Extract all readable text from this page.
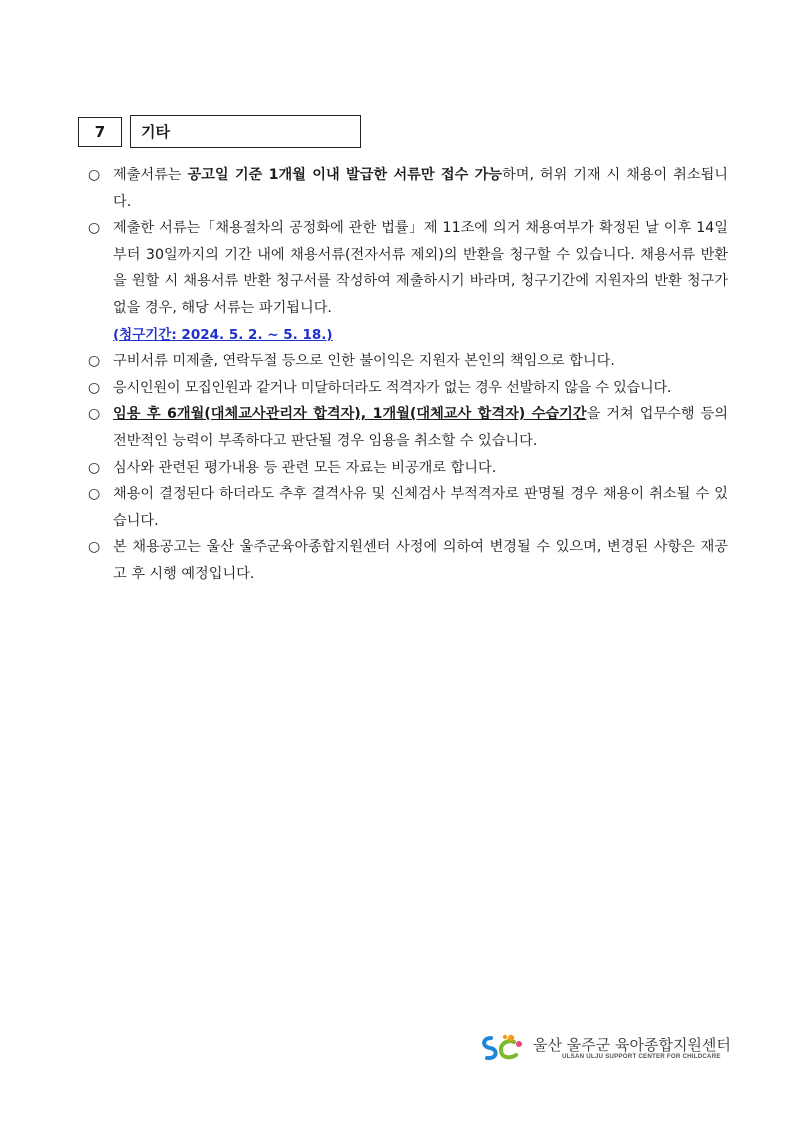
7	기타
○ 제출서류는 공고일 기준 1개월 이내 발급한 서류만 접수 가능하며, 허위 기재 시 채용이 취소됩니다.
○ 제출한 서류는「채용절차의 공정화에 관한 법률」제 11조에 의거 채용여부가 확정된 날 이후 14일부터 30일까지의 기간 내에 채용서류(전자서류 제외)의 반환을 청구할 수 있습니다. 채용서류 반환을 원할 시 채용서류 반환 청구서를 작성하여 제출하시기 바라며, 청구기간에 지원자의 반환 청구가 없을 경우, 해당 서류는 파기됩니다.
(청구기간: 2024. 5. 2. ~ 5. 18.)
○ 구비서류 미제출, 연락두절 등으로 인한 불이익은 지원자 본인의 책임으로 합니다.
○ 응시인원이 모집인원과 같거나 미달하더라도 적격자가 없는 경우 선발하지 않을 수 있습니다.
○ 임용 후 6개월(대체교사관리자 합격자), 1개월(대체교사 합격자) 수습기간을 거쳐 업무수행 등의 전반적인 능력이 부족하다고 판단될 경우 임용을 취소할 수 있습니다.
○ 심사와 관련된 평가내용 등 관련 모든 자료는 비공개로 합니다.
○ 채용이 결정된다 하더라도 추후 결격사유 및 신체검사 부적격자로 판명될 경우 채용이 취소될 수 있습니다.
○ 본 채용공고는 울산 울주군육아종합지원센터 사정에 의하여 변경될 수 있으며, 변경된 사항은 재공고 후 시행 예정입니다.
울산 울주군 육아종합지원센터
ULSAN ULJU SUPPORT CENTER FOR CHILDCARE
